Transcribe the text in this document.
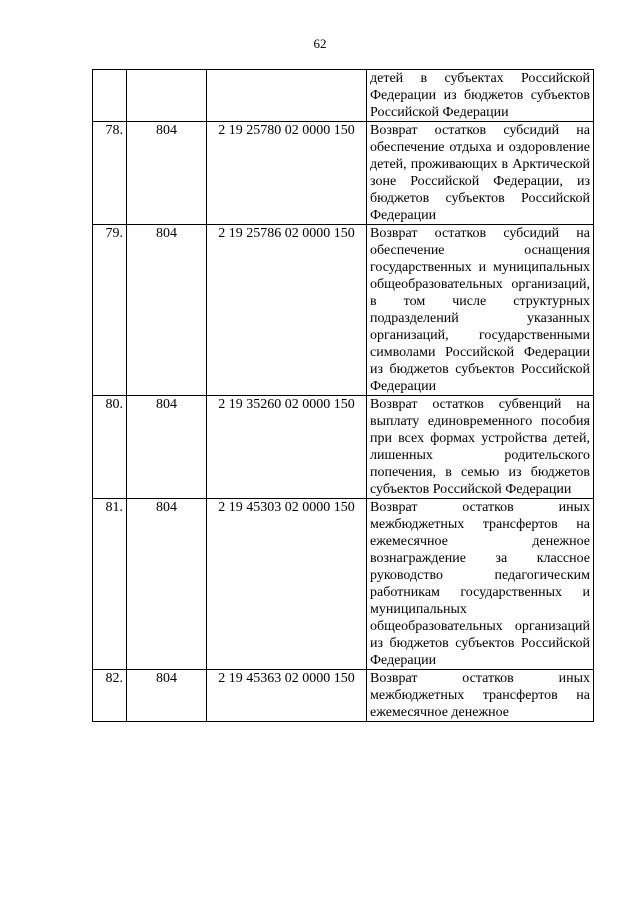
62
			детей в субъектах Российской Федерации из бюджетов субъектов Российской Федерации
78.	804	2 19 25780 02 0000 150	Возврат остатков субсидий на обеспечение отдыха и оздоровление детей, проживающих в Арктической зоне Российской Федерации, из бюджетов субъектов Российской Федерации
79.	804	2 19 25786 02 0000 150	Возврат остатков субсидий на обеспечение оснащения государственных и муниципальных общеобразовательных организаций, в том числе структурных подразделений указанных организаций, государственными символами Российской Федерации из бюджетов субъектов Российской Федерации
80.	804	2 19 35260 02 0000 150	Возврат остатков субвенций на выплату единовременного пособия при всех формах устройства детей, лишенных родительского попечения, в семью из бюджетов субъектов Российской Федерации
81.	804	2 19 45303 02 0000 150	Возврат остатков иных межбюджетных трансфертов на ежемесячное денежное вознаграждение за классное руководство педагогическим работникам государственных и муниципальных общеобразовательных организаций из бюджетов субъектов Российской Федерации
82.	804	2 19 45363 02 0000 150	Возврат остатков иных межбюджетных трансфертов на ежемесячное денежное
